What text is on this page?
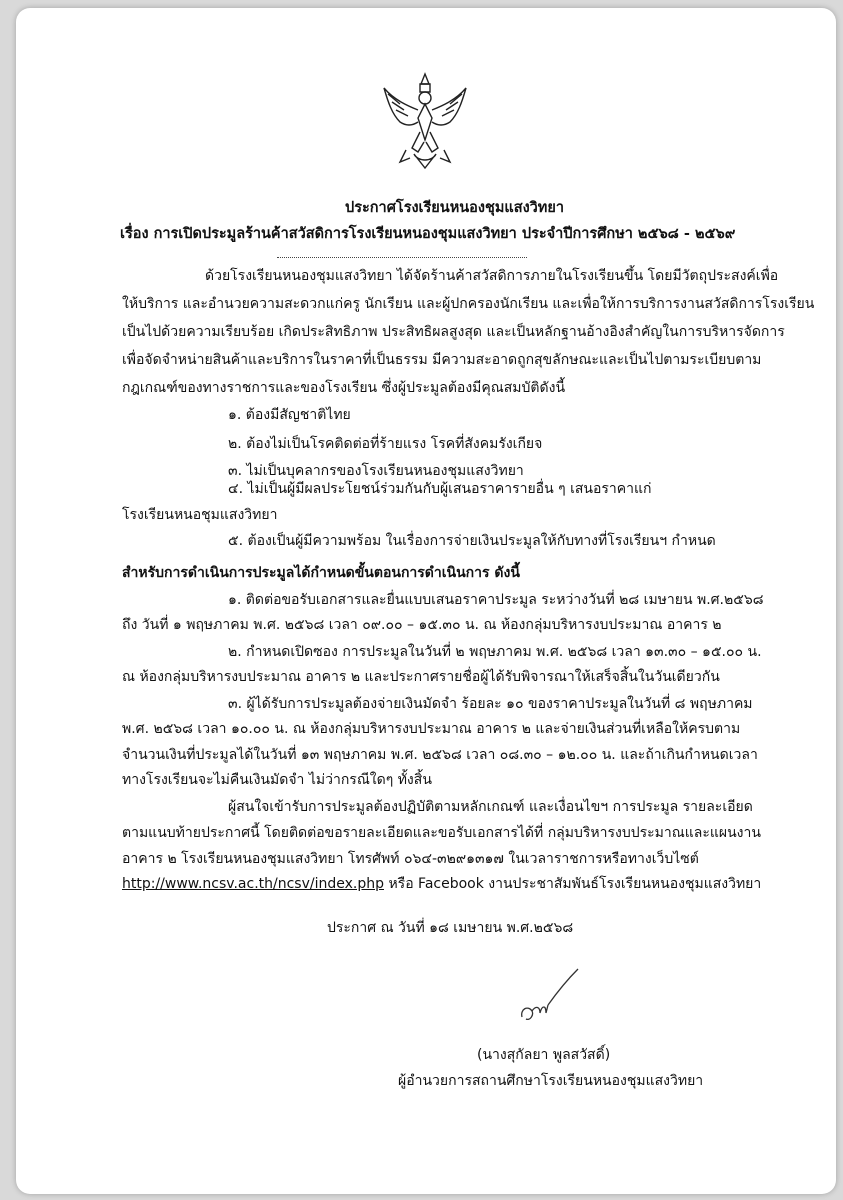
ประกาศโรงเรียนหนองชุมแสงวิทยา
เรื่อง การเปิดประมูลร้านค้าสวัสดิการโรงเรียนหนองชุมแสงวิทยา ประจำปีการศึกษา ๒๕๖๘ - ๒๕๖๙
ด้วยโรงเรียนหนองชุมแสงวิทยา ได้จัดร้านค้าสวัสดิการภายในโรงเรียนขึ้น โดยมีวัตถุประสงค์เพื่อ
ให้บริการ และอำนวยความสะดวกแก่ครู นักเรียน และผู้ปกครองนักเรียน และเพื่อให้การบริการงานสวัสดิการโรงเรียน
เป็นไปด้วยความเรียบร้อย เกิดประสิทธิภาพ ประสิทธิผลสูงสุด และเป็นหลักฐานอ้างอิงสำคัญในการบริหารจัดการ
เพื่อจัดจำหน่ายสินค้าและบริการในราคาที่เป็นธรรม มีความสะอาดถูกสุขลักษณะและเป็นไปตามระเบียบตาม
กฎเกณฑ์ของทางราชการและของโรงเรียน ซึ่งผู้ประมูลต้องมีคุณสมบัติดังนี้
๑. ต้องมีสัญชาติไทย
๒. ต้องไม่เป็นโรคติดต่อที่ร้ายแรง โรคที่สังคมรังเกียจ
๓. ไม่เป็นบุคลากรของโรงเรียนหนองชุมแสงวิทยา
๔. ไม่เป็นผู้มีผลประโยชน์ร่วมกันกับผู้เสนอราคารายอื่น ๆ เสนอราคาแก่
โรงเรียนหนอชุมแสงวิทยา
๕. ต้องเป็นผู้มีความพร้อม ในเรื่องการจ่ายเงินประมูลให้กับทางที่โรงเรียนฯ กำหนด
สำหรับการดำเนินการประมูลได้กำหนดขั้นตอนการดำเนินการ ดังนี้
๑. ติดต่อขอรับเอกสารและยื่นแบบเสนอราคาประมูล ระหว่างวันที่ ๒๘ เมษายน พ.ศ.๒๕๖๘
ถึง วันที่ ๑ พฤษภาคม พ.ศ. ๒๕๖๘ เวลา ๐๙.๐๐ – ๑๕.๓๐ น. ณ ห้องกลุ่มบริหารงบประมาณ อาคาร ๒
๒. กำหนดเปิดซอง การประมูลในวันที่ ๒ พฤษภาคม พ.ศ. ๒๕๖๘ เวลา ๑๓.๓๐ – ๑๕.๐๐ น.
ณ ห้องกลุ่มบริหารงบประมาณ อาคาร ๒ และประกาศรายชื่อผู้ได้รับพิจารณาให้เสร็จสิ้นในวันเดียวกัน
๓. ผู้ได้รับการประมูลต้องจ่ายเงินมัดจำ ร้อยละ ๑๐ ของราคาประมูลในวันที่ ๘ พฤษภาคม
พ.ศ. ๒๕๖๘ เวลา ๑๐.๐๐ น. ณ ห้องกลุ่มบริหารงบประมาณ อาคาร ๒ และจ่ายเงินส่วนที่เหลือให้ครบตาม
จำนวนเงินที่ประมูลได้ในวันที่ ๑๓ พฤษภาคม พ.ศ. ๒๕๖๘ เวลา ๐๘.๓๐ – ๑๒.๐๐ น. และถ้าเกินกำหนดเวลา
ทางโรงเรียนจะไม่คืนเงินมัดจำ ไม่ว่ากรณีใดๆ ทั้งสิ้น
ผู้สนใจเข้ารับการประมูลต้องปฏิบัติตามหลักเกณฑ์ และเงื่อนไขฯ การประมูล รายละเอียด
ตามแนบท้ายประกาศนี้ โดยติดต่อขอรายละเอียดและขอรับเอกสารได้ที่ กลุ่มบริหารงบประมาณและแผนงาน
อาคาร ๒ โรงเรียนหนองชุมแสงวิทยา โทรศัพท์ ๐๖๔-๓๒๙๑๓๑๗ ในเวลาราชการหรือทางเว็บไซต์
http://www.ncsv.ac.th/ncsv/index.php หรือ Facebook งานประชาสัมพันธ์โรงเรียนหนองชุมแสงวิทยา
ประกาศ ณ วันที่ ๑๘ เมษายน พ.ศ.๒๕๖๘
(นางสุกัลยา พูลสวัสดิ์)
ผู้อำนวยการสถานศึกษาโรงเรียนหนองชุมแสงวิทยา
